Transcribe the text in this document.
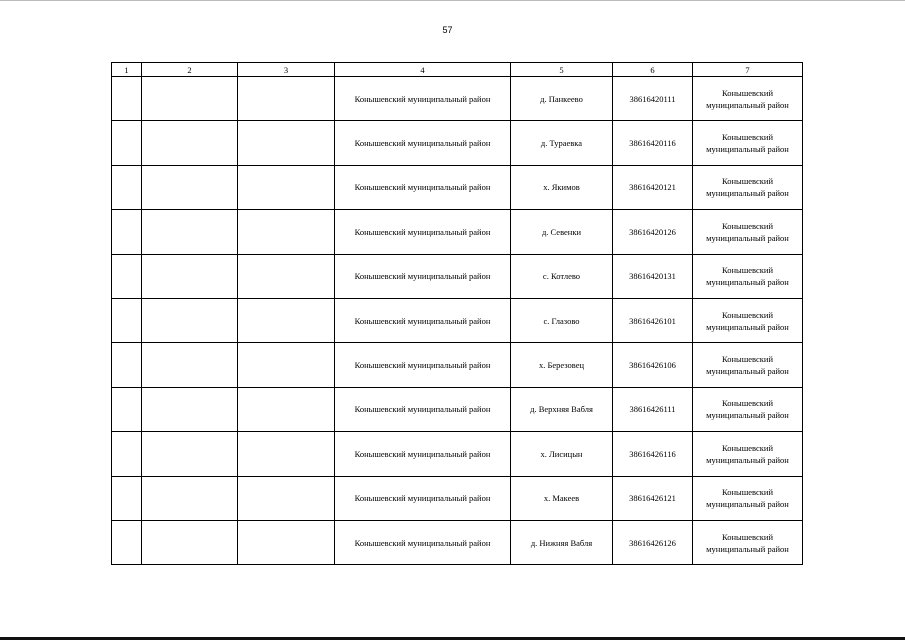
57
1	2	3	4	5	6	7
			Конышевский муниципальный район	д. Панкеево	38616420111	Конышевский муниципальный район
			Конышевский муниципальный район	д. Тураевка	38616420116	Конышевский муниципальный район
			Конышевский муниципальный район	х. Якимов	38616420121	Конышевский муниципальный район
			Конышевский муниципальный район	д. Севенки	38616420126	Конышевский муниципальный район
			Конышевский муниципальный район	с. Котлево	38616420131	Конышевский муниципальный район
			Конышевский муниципальный район	с. Глазово	38616426101	Конышевский муниципальный район
			Конышевский муниципальный район	х. Березовец	38616426106	Конышевский муниципальный район
			Конышевский муниципальный район	д. Верхняя Вабля	38616426111	Конышевский муниципальный район
			Конышевский муниципальный район	х. Лисицын	38616426116	Конышевский муниципальный район
			Конышевский муниципальный район	х. Макеев	38616426121	Конышевский муниципальный район
			Конышевский муниципальный район	д. Нижняя Вабля	38616426126	Конышевский муниципальный район
